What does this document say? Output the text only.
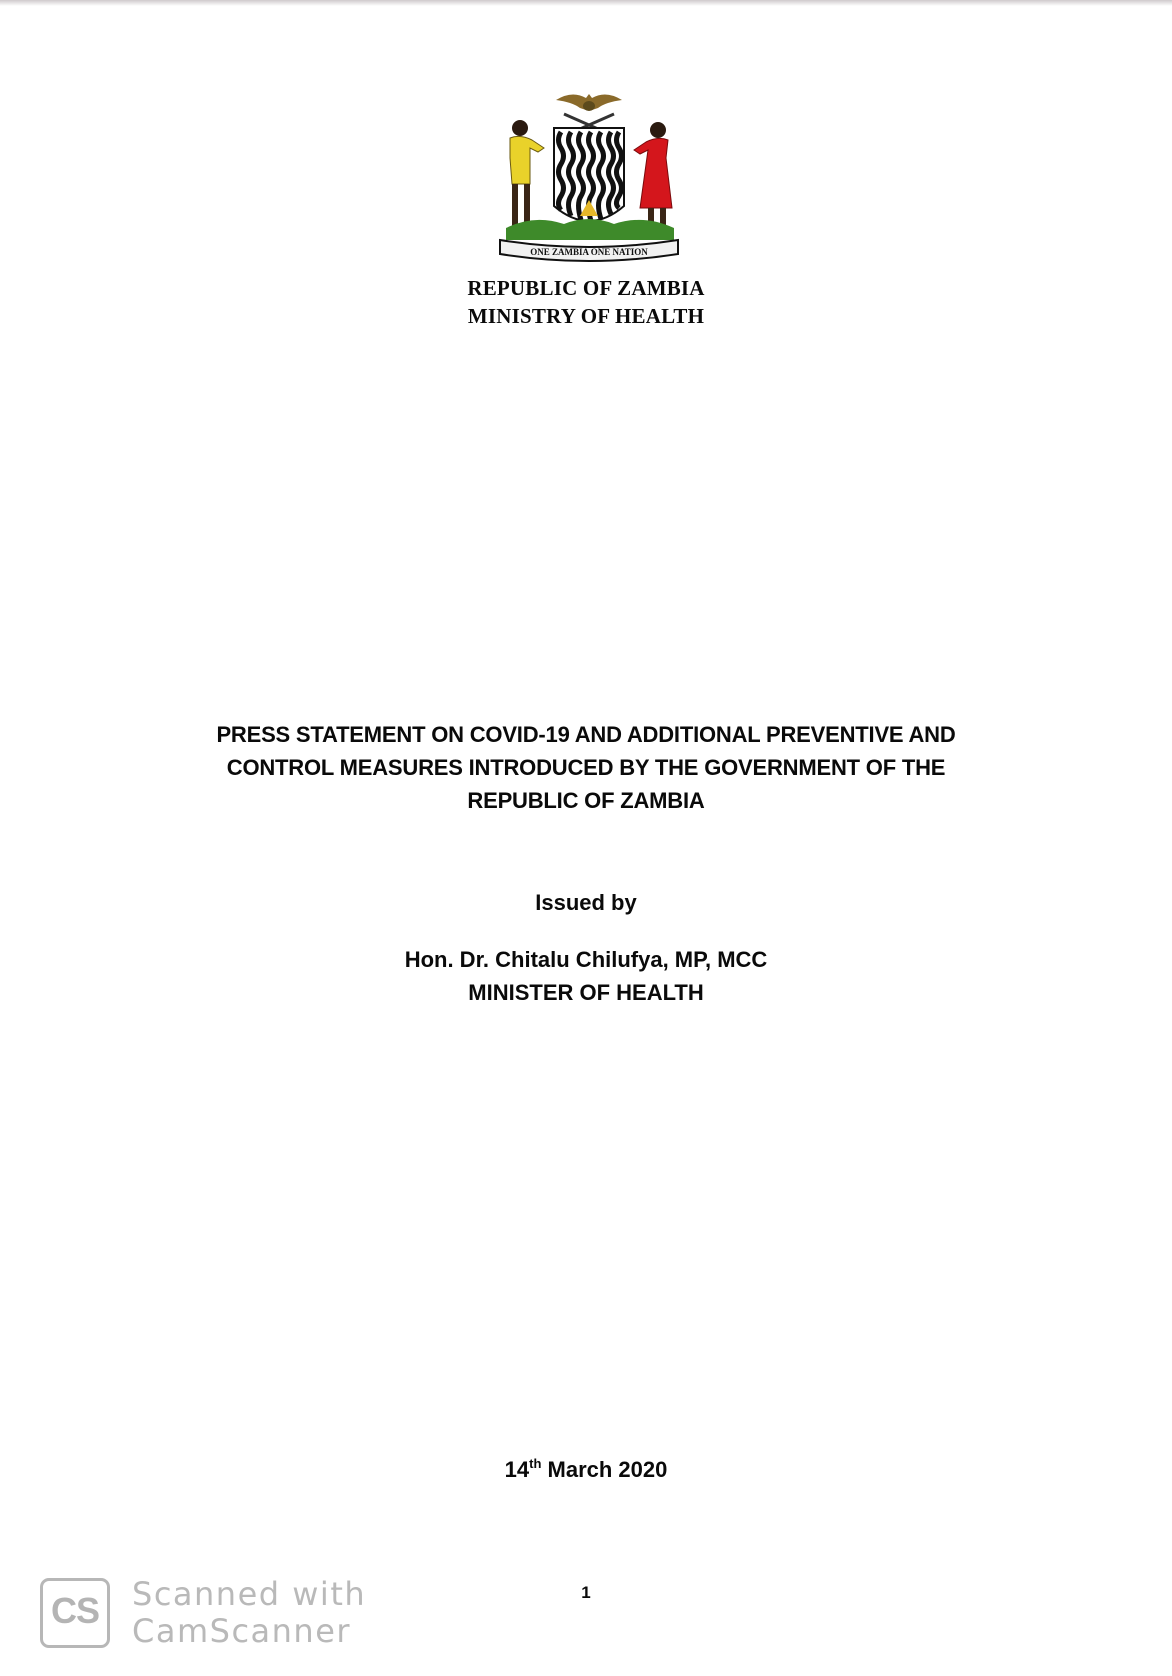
ONE ZAMBIA ONE NATION
REPUBLIC OF ZAMBIA
MINISTRY OF HEALTH
PRESS STATEMENT ON COVID-19 AND ADDITIONAL PREVENTIVE AND
CONTROL MEASURES INTRODUCED BY THE GOVERNMENT OF THE
REPUBLIC OF ZAMBIA
Issued by
Hon. Dr. Chitalu Chilufya, MP, MCC
MINISTER OF HEALTH
14th March 2020
1
CS	Scanned with
CamScanner
